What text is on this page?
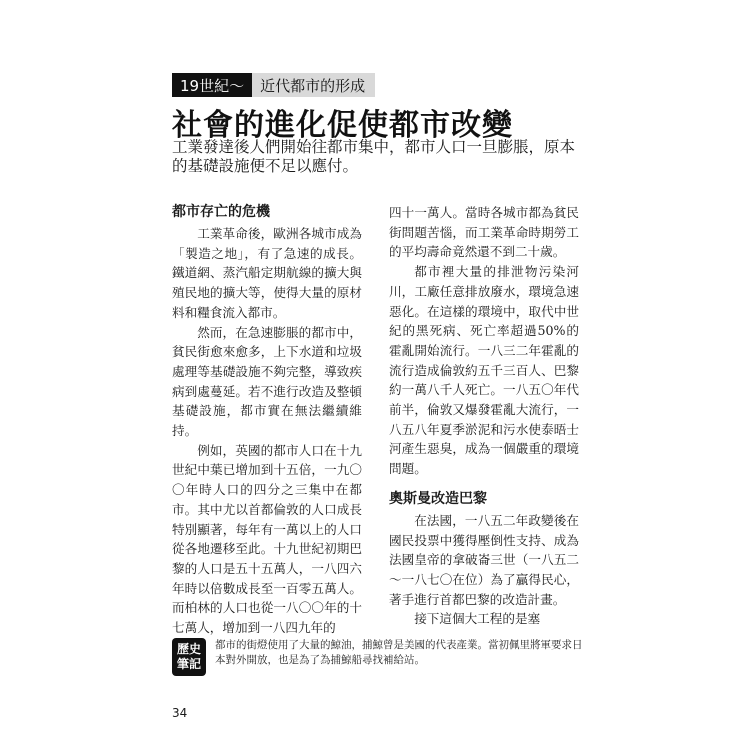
19世紀～	近代都市的形成
社會的進化促使都市改變

工業發達後人們開始往都市集中，都市人口一旦膨脹，原本的基礎設施便不足以應付。

都市存亡的危機

工業革命後，歐洲各城市成為「製造之地」，有了急速的成長。鐵道網、蒸汽船定期航線的擴大與殖民地的擴大等，使得大量的原材料和糧食流入都市。

然而，在急速膨脹的都市中，貧民街愈來愈多，上下水道和垃圾處理等基礎設施不夠完整，導致疾病到處蔓延。若不進行改造及整頓基礎設施，都市實在無法繼續維持。

例如，英國的都市人口在十九世紀中葉已增加到十五倍，一九〇〇年時人口的四分之三集中在都市。其中尤以首都倫敦的人口成長特別顯著，每年有一萬以上的人口從各地遷移至此。十九世紀初期巴黎的人口是五十五萬人，一八四六年時以倍數成長至一百零五萬人。而柏林的人口也從一八〇〇年的十七萬人，增加到一八四九年的

四十一萬人。當時各城市都為貧民街問題苦惱，而工業革命時期勞工的平均壽命竟然還不到二十歲。

都市裡大量的排泄物污染河川，工廠任意排放廢水，環境急速惡化。在這樣的環境中，取代中世紀的黑死病、死亡率超過50%的霍亂開始流行。一八三二年霍亂的流行造成倫敦約五千三百人、巴黎約一萬八千人死亡。一八五〇年代前半，倫敦又爆發霍亂大流行，一八五八年夏季淤泥和污水使泰晤士河產生惡臭，成為一個嚴重的環境問題。

奧斯曼改造巴黎

在法國，一八五二年政變後在國民投票中獲得壓倒性支持、成為法國皇帝的拿破崙三世（一八五二～一八七〇在位）為了贏得民心，著手進行首都巴黎的改造計畫。

接下這個大工程的是塞

歷史
筆記

都市的街燈使用了大量的鯨油，捕鯨曾是美國的代表產業。當初佩里將軍要求日本對外開放，也是為了為捕鯨船尋找補給站。

34
